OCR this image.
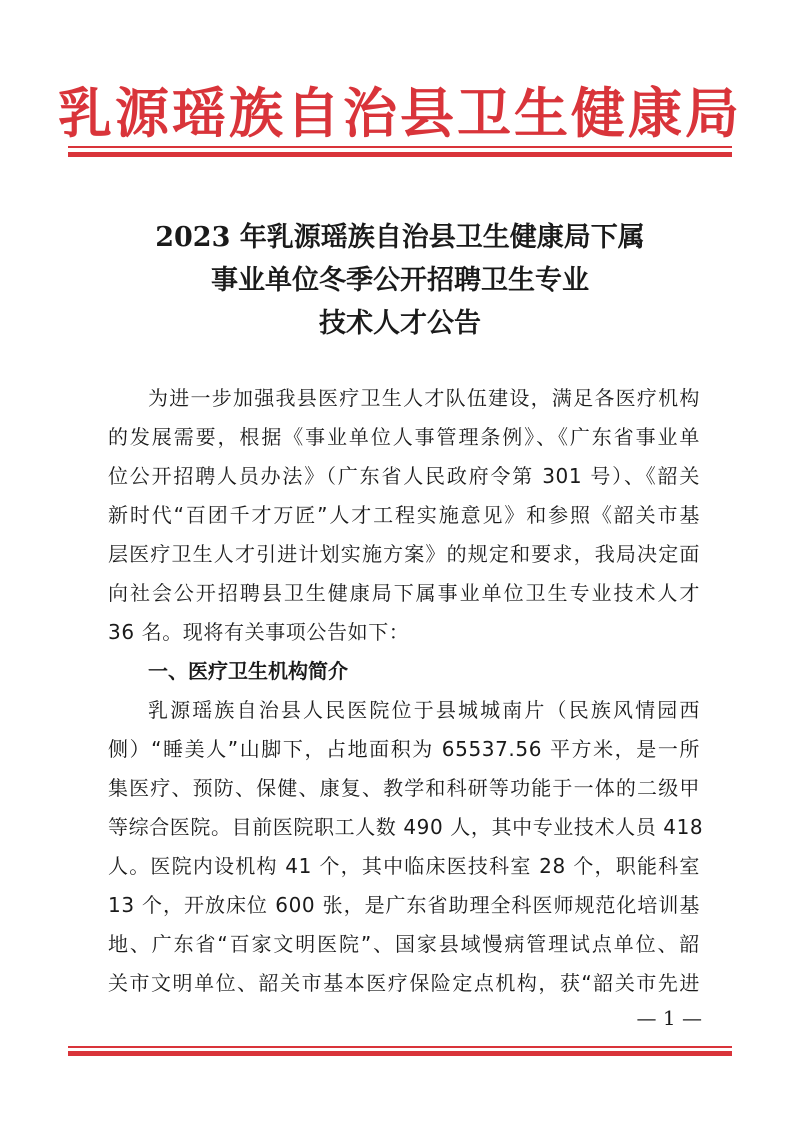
乳源瑶族自治县卫生健康局
2023 年乳源瑶族自治县卫生健康局下属
事业单位冬季公开招聘卫生专业
技术人才公告
为进一步加强我县医疗卫生人才队伍建设，满足各医疗机构
的发展需要，根据《事业单位人事管理条例》、《广东省事业单
位公开招聘人员办法》（广东省人民政府令第 301 号）、《韶关
新时代“百团千才万匠”人才工程实施意见》和参照《韶关市基
层医疗卫生人才引进计划实施方案》的规定和要求，我局决定面
向社会公开招聘县卫生健康局下属事业单位卫生专业技术人才
36 名。现将有关事项公告如下：
一、医疗卫生机构简介
乳源瑶族自治县人民医院位于县城城南片（民族风情园西
侧）“睡美人”山脚下，占地面积为 65537.56 平方米，是一所
集医疗、预防、保健、康复、教学和科研等功能于一体的二级甲
等综合医院。目前医院职工人数 490 人，其中专业技术人员 418
人。医院内设机构 41 个，其中临床医技科室 28 个，职能科室
13 个，开放床位 600 张，是广东省助理全科医师规范化培训基
地、广东省“百家文明医院”、国家县域慢病管理试点单位、韶
关市文明单位、韶关市基本医疗保险定点机构，获“韶关市先进
— 1 —
